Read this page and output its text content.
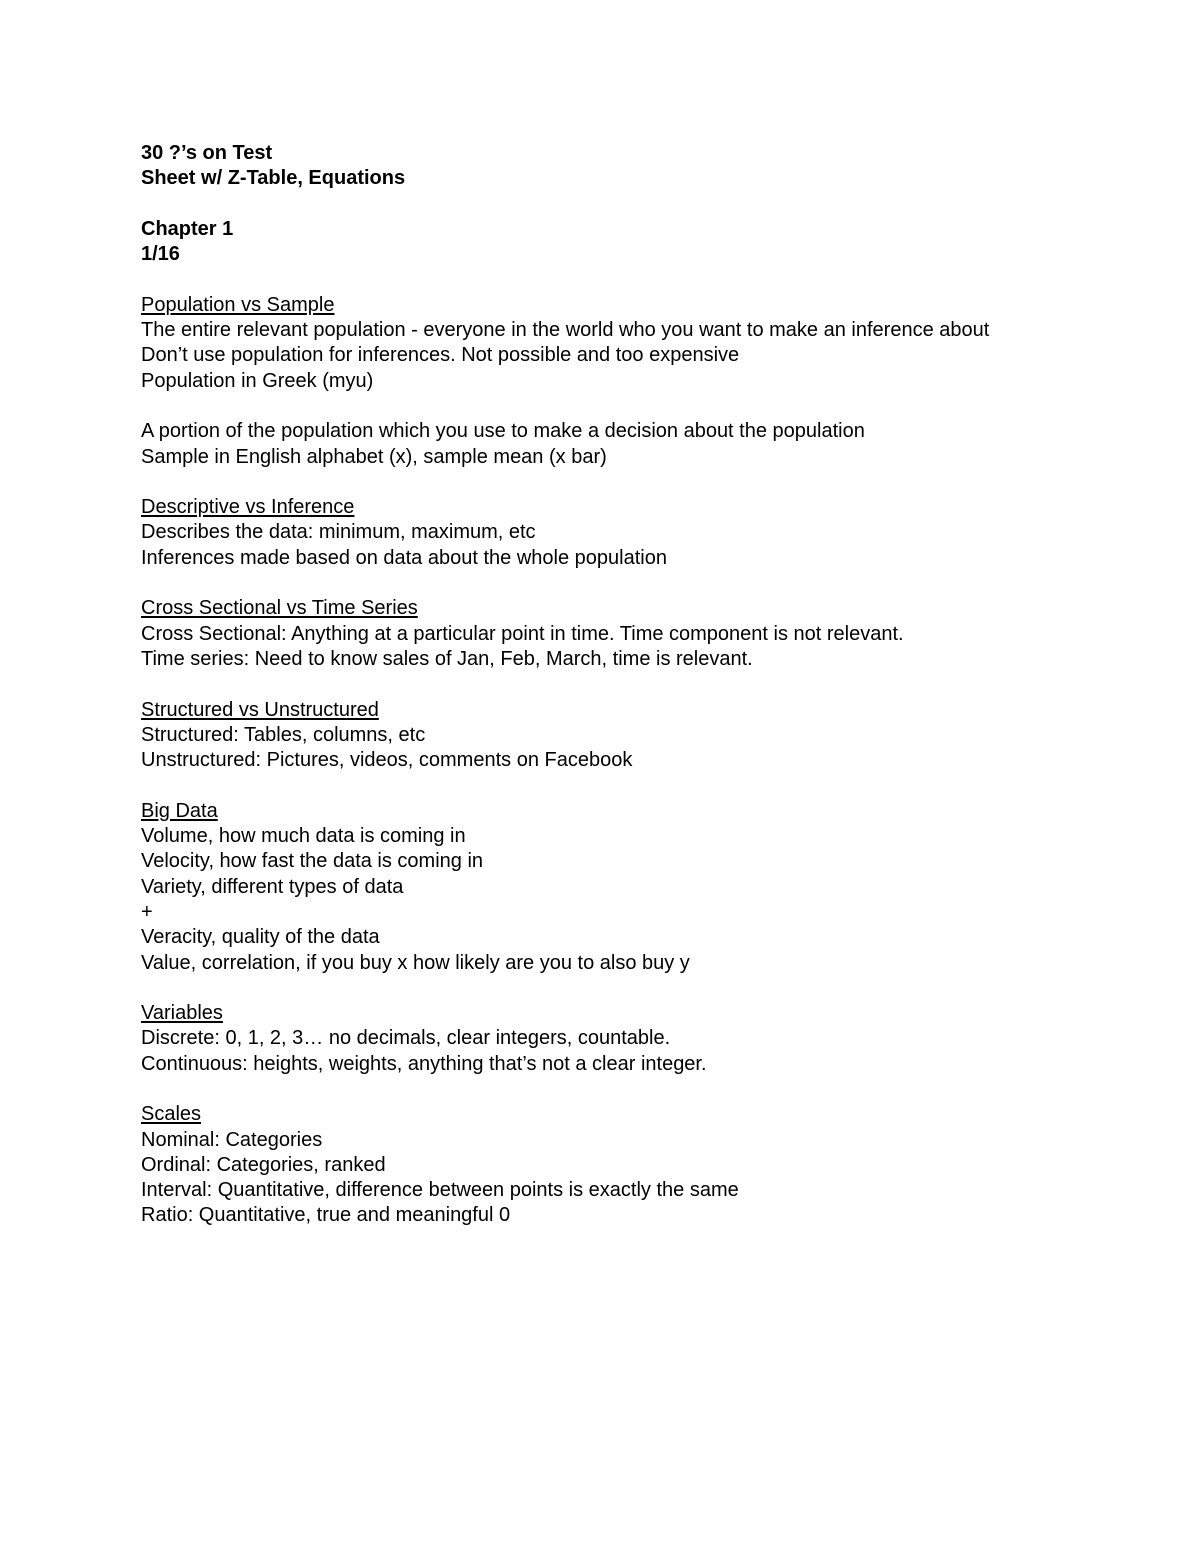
30 ?’s on Test
Sheet w/ Z-Table, Equations
Chapter 1
1/16
Population vs Sample
The entire relevant population - everyone in the world who you want to make an inference about
Don’t use population for inferences. Not possible and too expensive
Population in Greek (myu)
A portion of the population which you use to make a decision about the population
Sample in English alphabet (x), sample mean (x bar)
Descriptive vs Inference
Describes the data: minimum, maximum, etc
Inferences made based on data about the whole population
Cross Sectional vs Time Series
Cross Sectional: Anything at a particular point in time. Time component is not relevant.
Time series: Need to know sales of Jan, Feb, March, time is relevant.
Structured vs Unstructured
Structured: Tables, columns, etc
Unstructured: Pictures, videos, comments on Facebook
Big Data
Volume, how much data is coming in
Velocity, how fast the data is coming in
Variety, different types of data
+
Veracity, quality of the data
Value, correlation, if you buy x how likely are you to also buy y
Variables
Discrete: 0, 1, 2, 3… no decimals, clear integers, countable.
Continuous: heights, weights, anything that’s not a clear integer.
Scales
Nominal: Categories
Ordinal: Categories, ranked
Interval: Quantitative, difference between points is exactly the same
Ratio: Quantitative, true and meaningful 0
